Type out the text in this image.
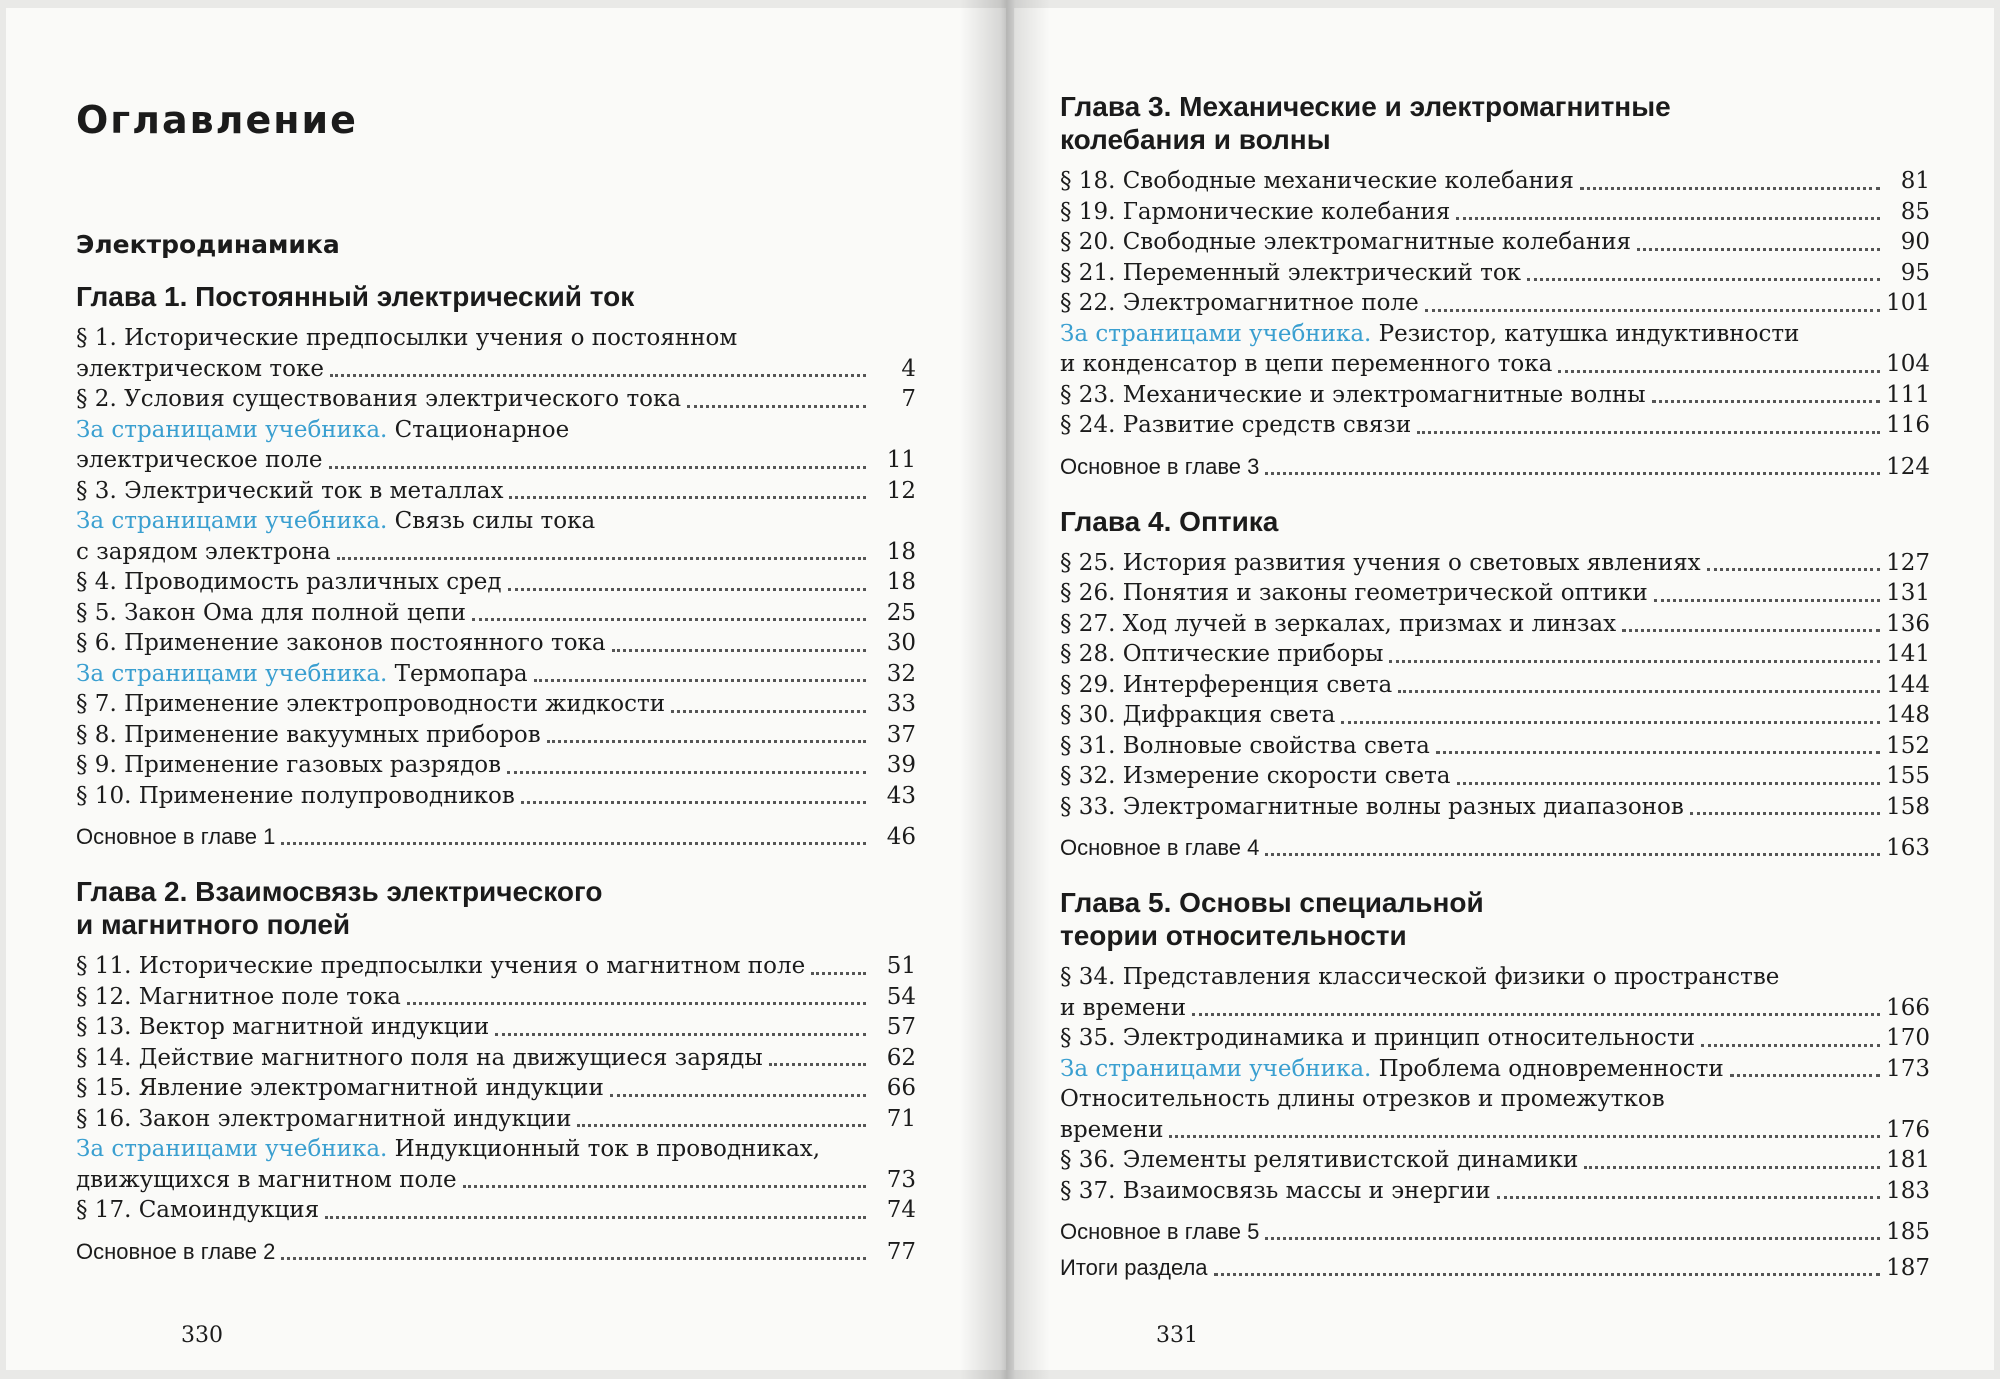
Оглавление
Электродинамика
Глава 1. Постоянный электрический ток
§ 1. Исторические предпосылки учения о постоянном
электрическом токе	4
§ 2. Условия существования электрического тока	7
За страницами учебника. Стационарное
электрическое поле	11
§ 3. Электрический ток в металлах	12
За страницами учебника. Связь силы тока
с зарядом электрона	18
§ 4. Проводимость различных сред	18
§ 5. Закон Ома для полной цепи	25
§ 6. Применение законов постоянного тока	30
За страницами учебника. Термопара	32
§ 7. Применение электропроводности жидкости	33
§ 8. Применение вакуумных приборов	37
§ 9. Применение газовых разрядов	39
§ 10. Применение полупроводников	43
Основное в главе 1	46
Глава 2. Взаимосвязь электрического
и магнитного полей
§ 11. Исторические предпосылки учения о магнитном поле	51
§ 12. Магнитное поле тока	54
§ 13. Вектор магнитной индукции	57
§ 14. Действие магнитного поля на движущиеся заряды	62
§ 15. Явление электромагнитной индукции	66
§ 16. Закон электромагнитной индукции	71
За страницами учебника. Индукционный ток в проводниках,
движущихся в магнитном поле	73
§ 17. Самоиндукция	74
Основное в главе 2	77
330
Глава 3. Механические и электромагнитные
колебания и волны
§ 18. Свободные механические колебания	81
§ 19. Гармонические колебания	85
§ 20. Свободные электромагнитные колебания	90
§ 21. Переменный электрический ток	95
§ 22. Электромагнитное поле	101
За страницами учебника. Резистор, катушка индуктивности
и конденсатор в цепи переменного тока	104
§ 23. Механические и электромагнитные волны	111
§ 24. Развитие средств связи	116
Основное в главе 3	124
Глава 4. Оптика
§ 25. История развития учения о световых явлениях	127
§ 26. Понятия и законы геометрической оптики	131
§ 27. Ход лучей в зеркалах, призмах и линзах	136
§ 28. Оптические приборы	141
§ 29. Интерференция света	144
§ 30. Дифракция света	148
§ 31. Волновые свойства света	152
§ 32. Измерение скорости света	155
§ 33. Электромагнитные волны разных диапазонов	158
Основное в главе 4	163
Глава 5. Основы специальной
теории относительности
§ 34. Представления классической физики о пространстве
и времени	166
§ 35. Электродинамика и принцип относительности	170
За страницами учебника. Проблема одновременности	173
Относительность длины отрезков и промежутков
времени	176
§ 36. Элементы релятивистской динамики	181
§ 37. Взаимосвязь массы и энергии	183
Основное в главе 5	185
Итоги раздела	187
331
